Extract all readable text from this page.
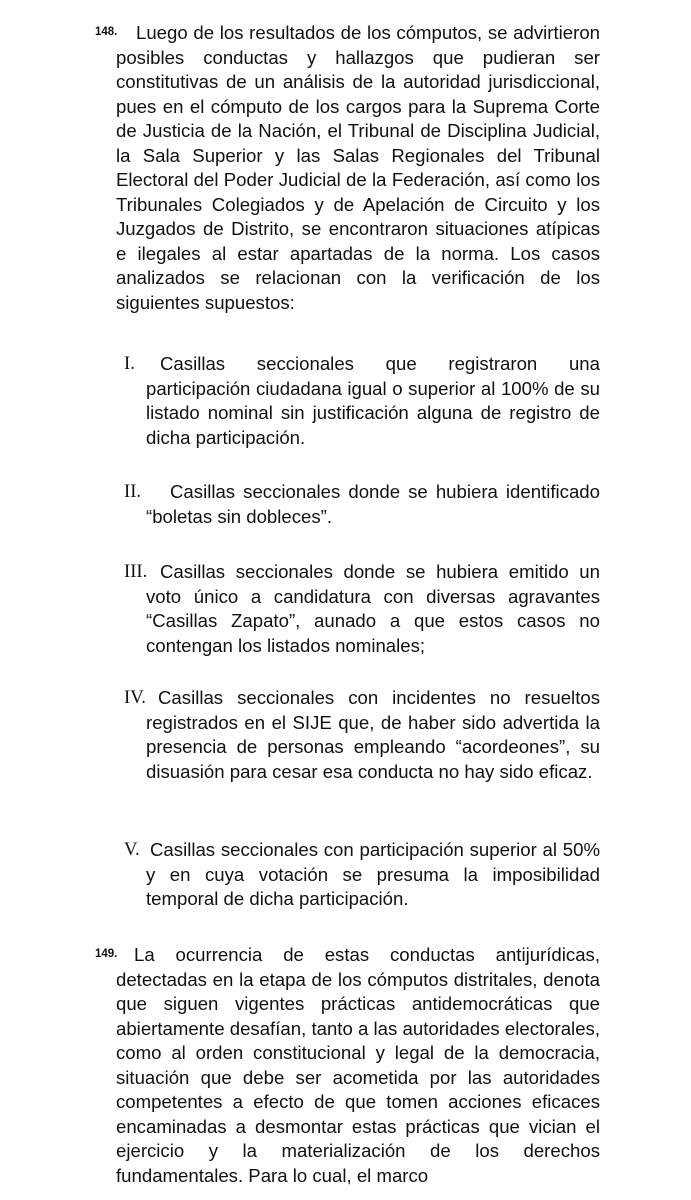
148.	Luego de los resultados de los cómputos, se advirtieron posibles conductas y hallazgos que pudieran ser constitutivas de un análisis de la autoridad jurisdiccional, pues en el cómputo de los cargos para la Suprema Corte de Justicia de la Nación, el Tribunal de Disciplina Judicial, la Sala Superior y las Salas Regionales del Tribunal Electoral del Poder Judicial de la Federación, así como los Tribunales Colegiados y de Apelación de Circuito y los Juzgados de Distrito, se encontraron situaciones atípicas e ilegales al estar apartadas de la norma. Los casos analizados se relacionan con la verificación de los siguientes supuestos:
I.	Casillas seccionales que registraron una participación ciudadana igual o superior al 100% de su listado nominal sin justificación alguna de registro de dicha participación.
II.	Casillas seccionales donde se hubiera identificado “boletas sin dobleces”.
III. Casillas seccionales donde se hubiera emitido un voto único a candidatura con diversas agravantes “Casillas Zapato”, aunado a que estos casos no contengan los listados nominales;
IV. Casillas seccionales con incidentes no resueltos registrados en el SIJE que, de haber sido advertida la presencia de personas empleando “acordeones”, su disuasión para cesar esa conducta no hay sido eficaz.
V. Casillas seccionales con participación superior al 50% y en cuya votación se presuma la imposibilidad temporal de dicha participación.
149. La ocurrencia de estas conductas antijurídicas, detectadas en la etapa de los cómputos distritales, denota que siguen vigentes prácticas antidemocráticas que abiertamente desafían, tanto a las autoridades electorales, como al orden constitucional y legal de la democracia, situación que debe ser acometida por las autoridades competentes a efecto de que tomen acciones eficaces encaminadas a desmontar estas prácticas que vician el ejercicio y la materialización de los derechos fundamentales. Para lo cual, el marco
